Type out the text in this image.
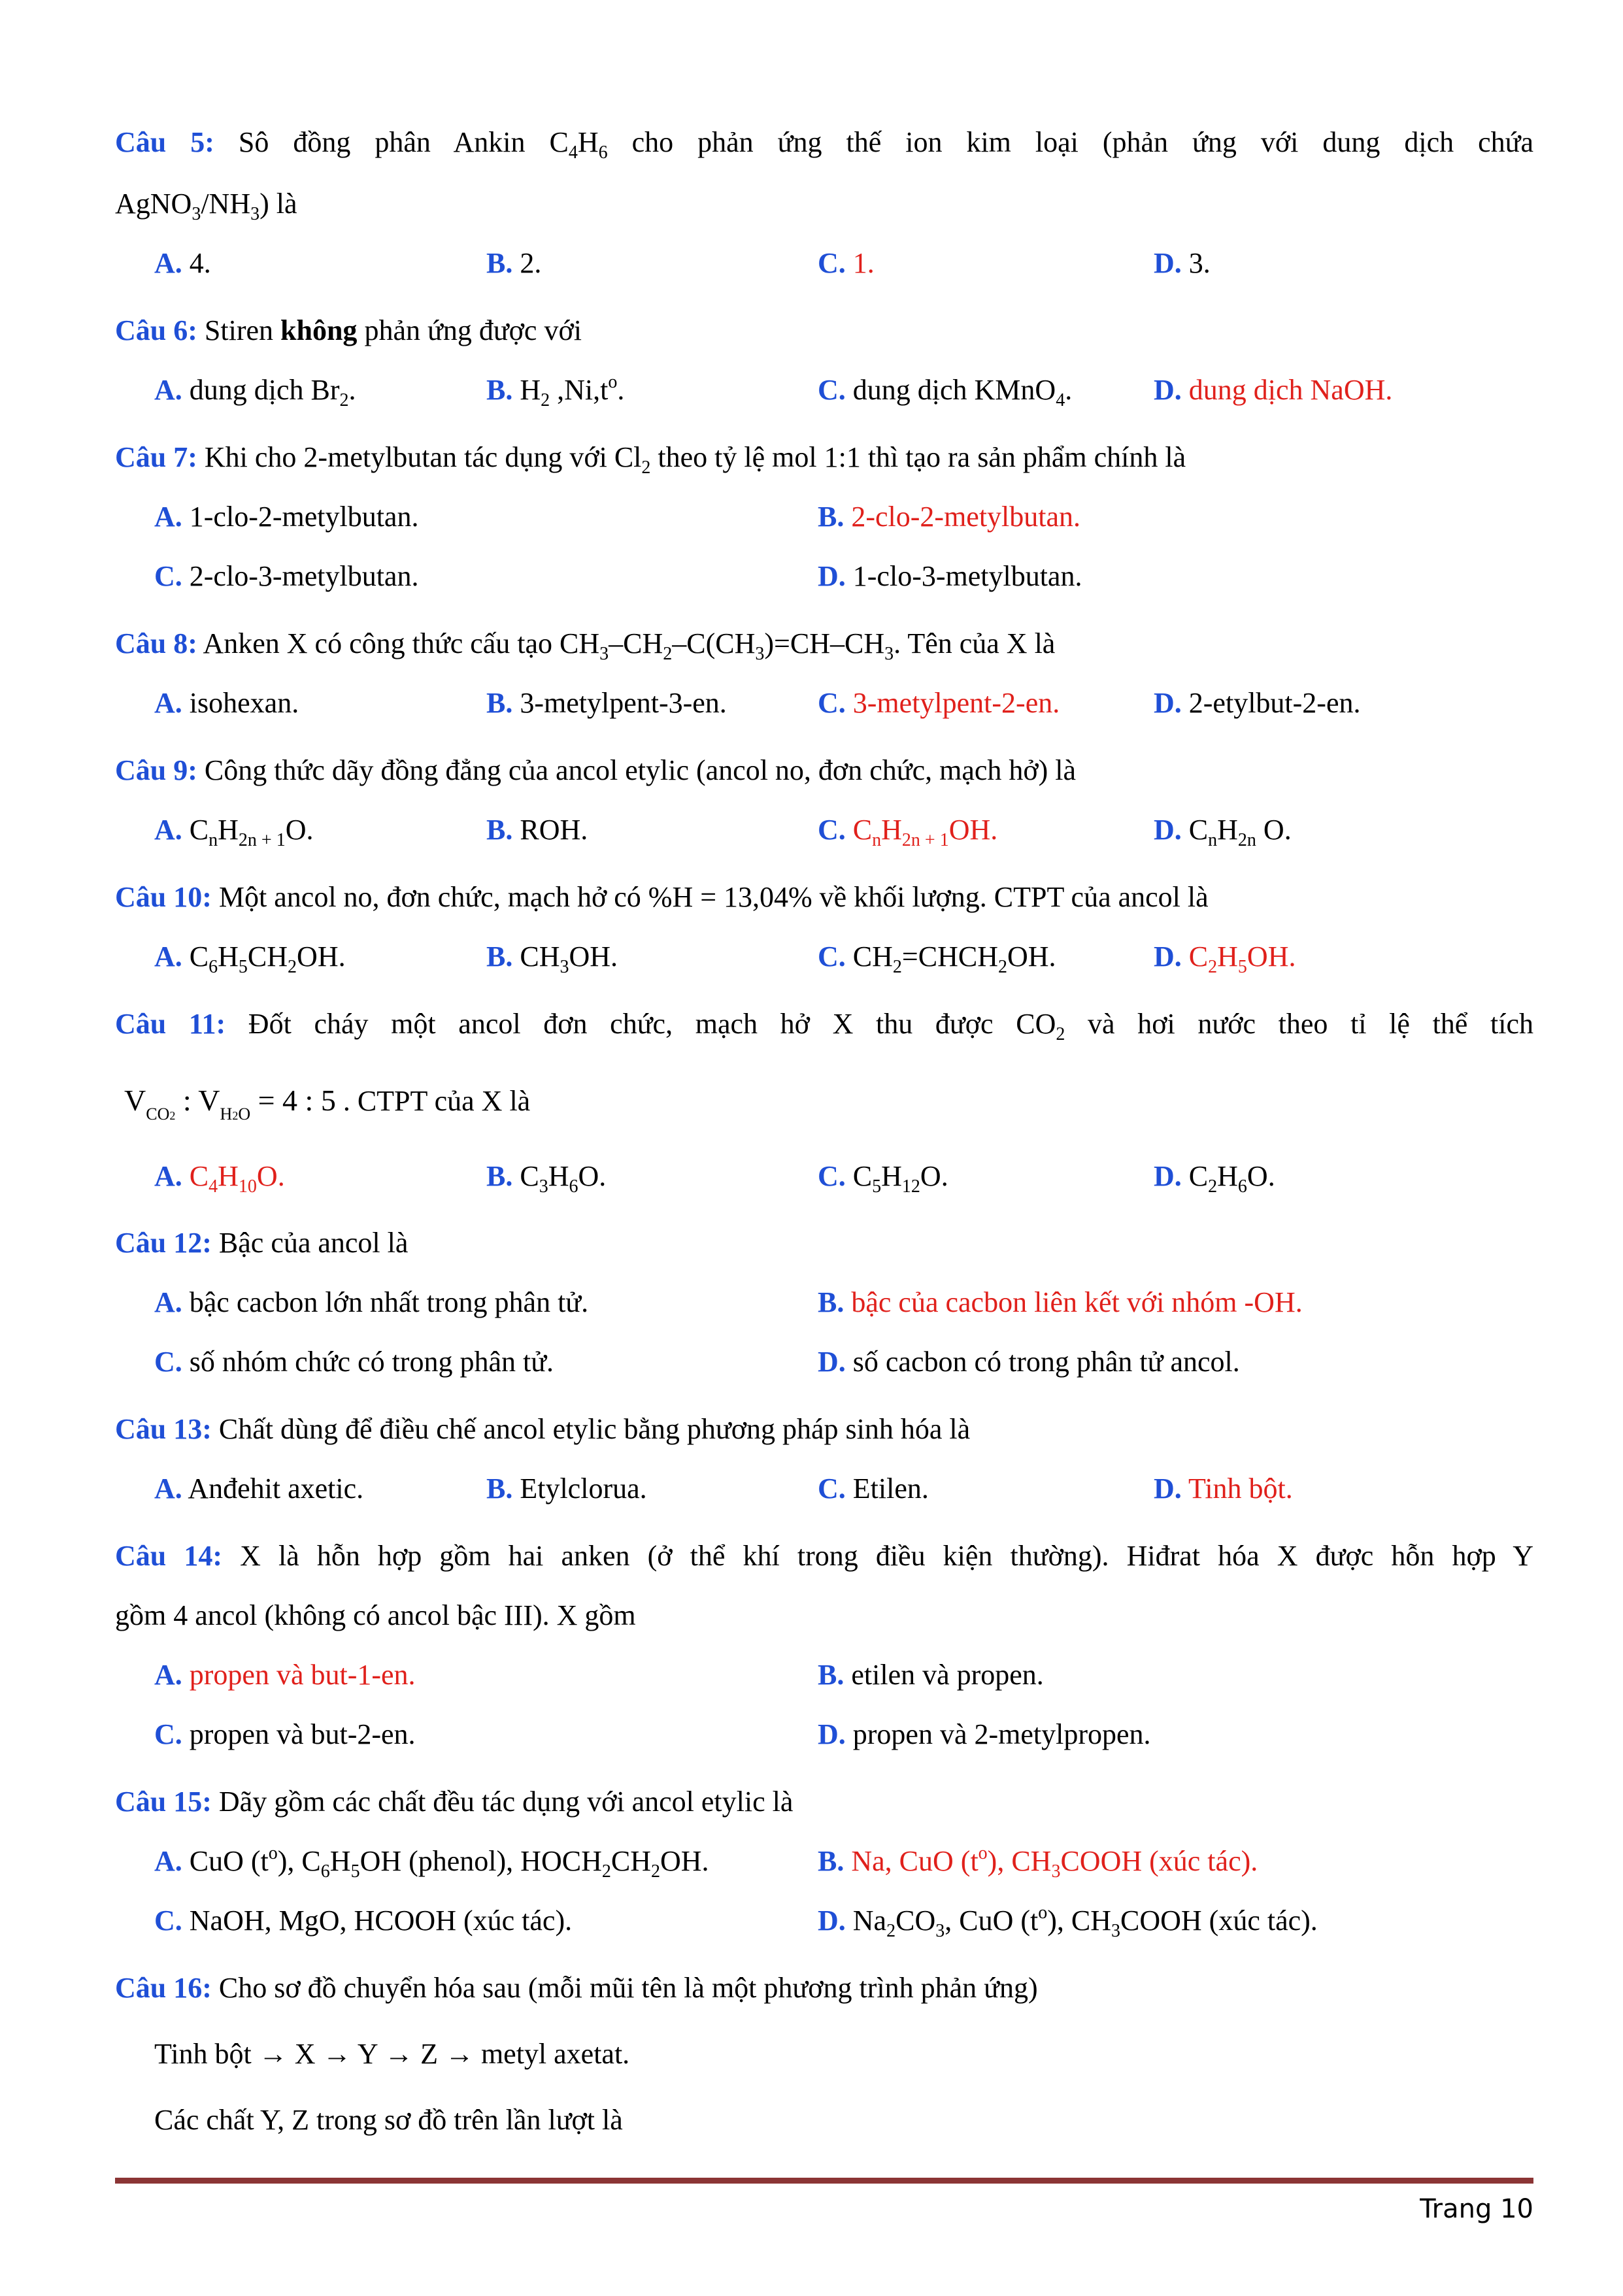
Câu 5: Sô đồng phân Ankin $C_4H_6$ cho phản ứng thế ion kim loại (phản ứng với dung dịch chứa
$AgNO_3/NH_3$) là
A. 4.	B. 2.	C. 1.	D. 3.
Câu 6: Stiren không phản ứng được với
A. dung dịch $Br_2$.	B. $H_2$ $,Ni,t^o$.	C. dung dịch KMnO$_4$.	D. dung dịch NaOH.
Câu 7: Khi cho 2-metylbutan tác dụng với $Cl_2$ theo tỷ lệ mol 1:1 thì tạo ra sản phẩm chính là
A. 1-clo-2-metylbutan.	B. 2-clo-2-metylbutan.
C. 2-clo-3-metylbutan.	D. 1-clo-3-metylbutan.
Câu 8: Anken X có công thức cấu tạo $CH_3-CH_2-C(CH_3)=CH-CH_3$. Tên của X là
A. isohexan.	B. 3-metylpent-3-en.	C. 3-metylpent-2-en.	D. 2-etylbut-2-en.
Câu 9: Công thức dãy đồng đẳng của ancol etylic (ancol no, đơn chức, mạch hở) là
A. $C_nH_{2n + 1}O$.	B. ROH.	C. $C_nH_{2n + 1}OH$.	D. $C_nH_{2n}$ O.
Câu 10: Một ancol no, đơn chức, mạch hở có %H = 13,04% về khối lượng. CTPT của ancol là
A. $C_6H_5CH_2OH$.	B. $CH_3OH$.	C. $CH_2=CHCH_2OH$.	D. $C_2H_5OH$.
Câu 11: Đốt cháy một ancol đơn chức, mạch hở X thu được $CO_2$ và hơi nước theo tỉ lệ thể tích
$V_{CO2}$ : $V_{H2O} = 4$ : 5 . CTPT của X là
A. $C_4H_{10}O$.	B. $C_3H_6O$.	C. $C_5H_{12}O$.	D. $C_2H_6O$.
Câu 12: Bậc của ancol là
A. bậc cacbon lớn nhất trong phân tử.	B. bậc của cacbon liên kết với nhóm -OH.
C. số nhóm chức có trong phân tử.	D. số cacbon có trong phân tử ancol.
Câu 13: Chất dùng để điều chế ancol etylic bằng phương pháp sinh hóa là
A. Anđehit axetic.	B. Etylclorua.	C. Etilen.	D. Tinh bột.
Câu 14: X là hỗn hợp gồm hai anken (ở thể khí trong điều kiện thường). Hiđrat hóa X được hỗn hợp Y
gồm 4 ancol (không có ancol bậc III). X gồm
A. propen và but-1-en.	B. etilen và propen.
C. propen và but-2-en.	D. propen và 2-metylpropen.
Câu 15: Dãy gồm các chất đều tác dụng với ancol etylic là
A. CuO $(t^o)$, $C_6H_5OH$ (phenol), $HOCH_2CH_2OH$.	B. Na, CuO $(t^o)$, $CH_3COOH$ (xúc tác).
C. NaOH, MgO, HCOOH (xúc tác).	D. $Na_2CO_3$, CuO $(t^o)$, $CH_3COOH$ (xúc tác).
Câu 16: Cho sơ đồ chuyển hóa sau (mỗi mũi tên là một phương trình phản ứng)
Tinh bột → X → Y → Z → metyl axetat.
Các chất Y, Z trong sơ đồ trên lần lượt là
Trang 10
